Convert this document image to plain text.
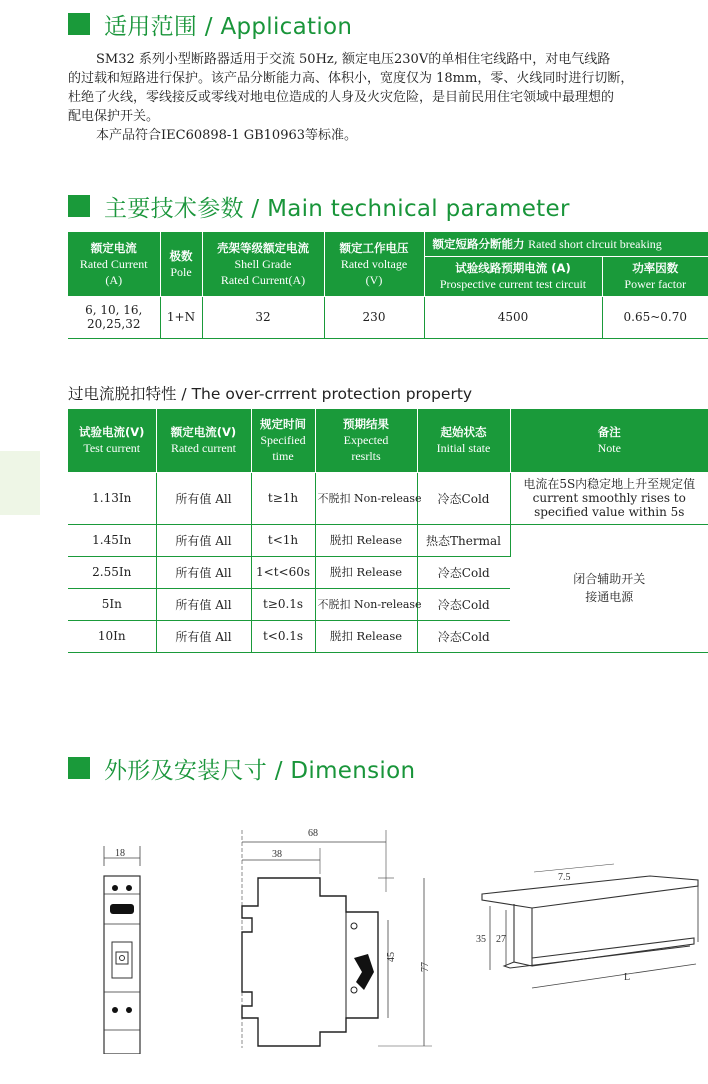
适用范围 / Application

SM32 系列小型断路器适用于交流 50Hz, 额定电压230V的单相住宅线路中，对电气线路

的过载和短路进行保护。该产品分断能力高、体积小，宽度仅为 18mm，零、火线同时进行切断，

杜绝了火线，零线接反或零线对地电位造成的人身及火灾危险，是目前民用住宅领域中最理想的

配电保护开关。

本产品符合IEC60898-1 GB10963等标准。

主要技术参数 / Main technical parameter
额定电流
Rated Current
(A)	极数
Pole	壳架等级额定电流
Shell Grade
Rated Current(A)	额定工作电压
Rated voltage
(V)	额定短路分断能力 Rated short clrcuit breaking	

				试验线路预期电流 (A)
Prospective current test circuit	功率因数
Power factor

6, 10, 16,
20,25,32	1+N	32	230	4500	0.65~0.70
过电流脱扣特性 / The over-crrrent protection property
试验电流(V)
Test current	额定电流(V)
Rated current	规定时间
Specified
time	预期结果
Expected
resrlts	起始状态
Initial state	备注
Note

1.13In	所有值 All	t≥1h	不脱扣 Non-release	冷态Cold	电流在5S内稳定地上升至规定值
current smoothly rises to
specified value within 5s

1.45In	所有值 All	t<1h	脱扣 Release	热态Thermal	闭合辅助开关
接通电源

2.55In	所有值 All	1<t<60s	脱扣 Release	冷态Cold	
5In	所有值 All	t≥0.1s	不脱扣 Non-release	冷态Cold	
10In	所有值 All	t<0.1s	脱扣 Release	冷态Cold	
外形及安装尺寸 / Dimension
18
68
38
45
77
7.5
35 27
L
